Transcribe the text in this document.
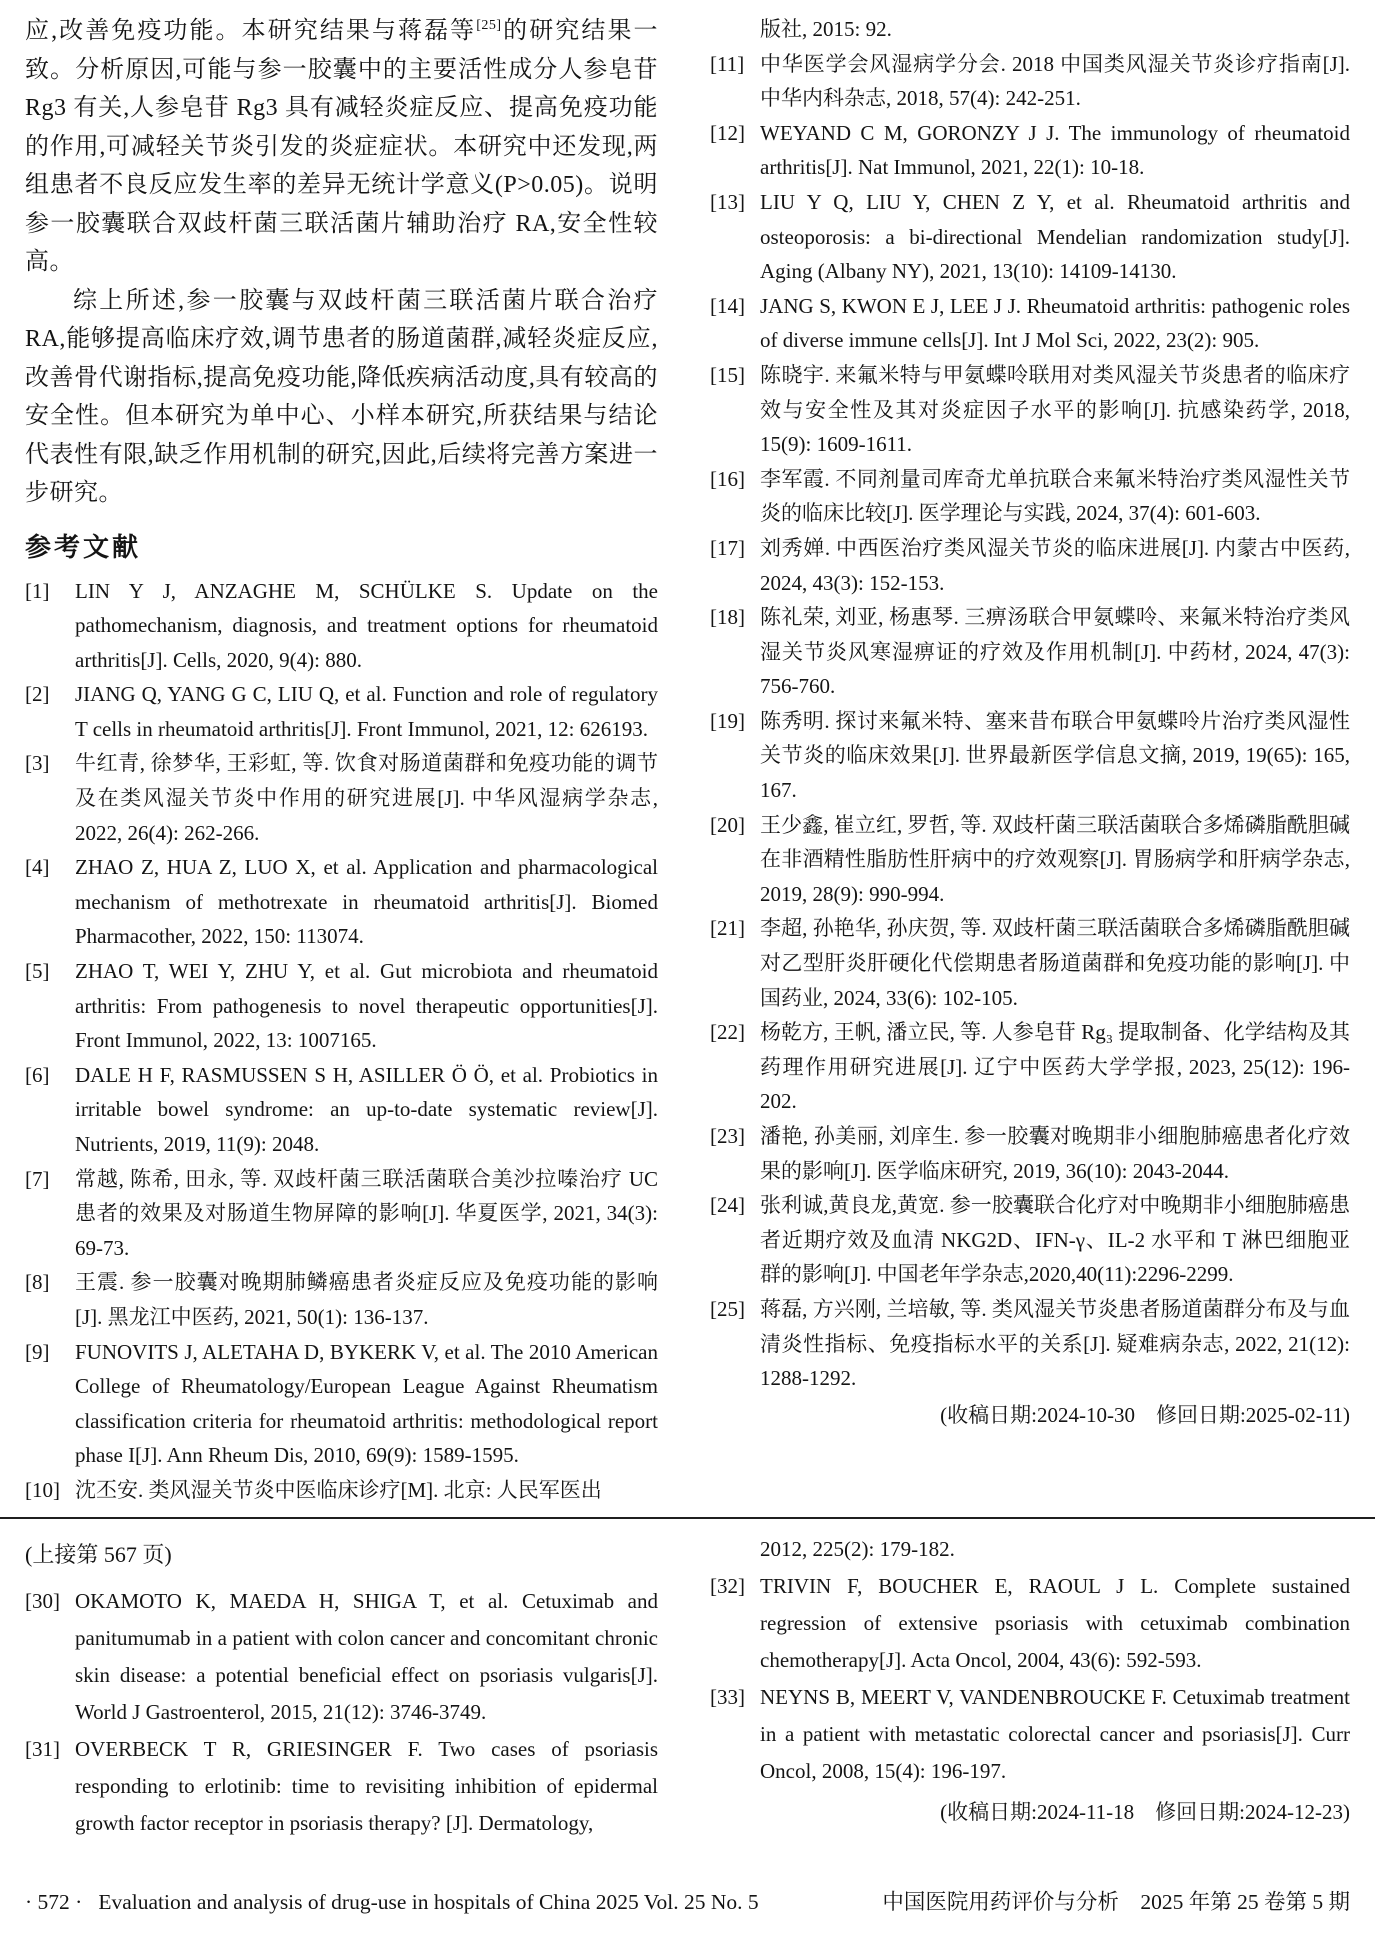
应,改善免疫功能。本研究结果与蒋磊等[25]的研究结果一致。分析原因,可能与参一胶囊中的主要活性成分人参皂苷 Rg3 有关,人参皂苷 Rg3 具有减轻炎症反应、提高免疫功能的作用,可减轻关节炎引发的炎症症状。本研究中还发现,两组患者不良反应发生率的差异无统计学意义(P>0.05)。说明参一胶囊联合双歧杆菌三联活菌片辅助治疗 RA,安全性较高。

综上所述,参一胶囊与双歧杆菌三联活菌片联合治疗 RA,能够提高临床疗效,调节患者的肠道菌群,减轻炎症反应,改善骨代谢指标,提高免疫功能,降低疾病活动度,具有较高的安全性。但本研究为单中心、小样本研究,所获结果与结论代表性有限,缺乏作用机制的研究,因此,后续将完善方案进一步研究。

参考文献
[1] LIN Y J, ANZAGHE M, SCHÜLKE S. Update on the pathomechanism, diagnosis, and treatment options for rheumatoid arthritis[J]. Cells, 2020, 9(4): 880.
[2] JIANG Q, YANG G C, LIU Q, et al. Function and role of regulatory T cells in rheumatoid arthritis[J]. Front Immunol, 2021, 12: 626193.
[3] 牛红青, 徐梦华, 王彩虹, 等. 饮食对肠道菌群和免疫功能的调节及在类风湿关节炎中作用的研究进展[J]. 中华风湿病学杂志, 2022, 26(4): 262-266.
[4] ZHAO Z, HUA Z, LUO X, et al. Application and pharmacological mechanism of methotrexate in rheumatoid arthritis[J]. Biomed Pharmacother, 2022, 150: 113074.
[5] ZHAO T, WEI Y, ZHU Y, et al. Gut microbiota and rheumatoid arthritis: From pathogenesis to novel therapeutic opportunities[J]. Front Immunol, 2022, 13: 1007165.
[6] DALE H F, RASMUSSEN S H, ASILLER Ö Ö, et al. Probiotics in irritable bowel syndrome: an up-to-date systematic review[J]. Nutrients, 2019, 11(9): 2048.
[7] 常越, 陈希, 田永, 等. 双歧杆菌三联活菌联合美沙拉嗪治疗 UC 患者的效果及对肠道生物屏障的影响[J]. 华夏医学, 2021, 34(3): 69-73.
[8] 王震. 参一胶囊对晚期肺鳞癌患者炎症反应及免疫功能的影响[J]. 黑龙江中医药, 2021, 50(1): 136-137.
[9] FUNOVITS J, ALETAHA D, BYKERK V, et al. The 2010 American College of Rheumatology/European League Against Rheumatism classification criteria for rheumatoid arthritis: methodological report phase I[J]. Ann Rheum Dis, 2010, 69(9): 1589-1595.
[10] 沈丕安. 类风湿关节炎中医临床诊疗[M]. 北京: 人民军医出
版社, 2015: 92.
[11] 中华医学会风湿病学分会. 2018 中国类风湿关节炎诊疗指南[J]. 中华内科杂志, 2018, 57(4): 242-251.
[12] WEYAND C M, GORONZY J J. The immunology of rheumatoid arthritis[J]. Nat Immunol, 2021, 22(1): 10-18.
[13] LIU Y Q, LIU Y, CHEN Z Y, et al. Rheumatoid arthritis and osteoporosis: a bi-directional Mendelian randomization study[J]. Aging (Albany NY), 2021, 13(10): 14109-14130.
[14] JANG S, KWON E J, LEE J J. Rheumatoid arthritis: pathogenic roles of diverse immune cells[J]. Int J Mol Sci, 2022, 23(2): 905.
[15] 陈晓宇. 来氟米特与甲氨蝶呤联用对类风湿关节炎患者的临床疗效与安全性及其对炎症因子水平的影响[J]. 抗感染药学, 2018, 15(9): 1609-1611.
[16] 李军霞. 不同剂量司库奇尤单抗联合来氟米特治疗类风湿性关节炎的临床比较[J]. 医学理论与实践, 2024, 37(4): 601-603.
[17] 刘秀婵. 中西医治疗类风湿关节炎的临床进展[J]. 内蒙古中医药, 2024, 43(3): 152-153.
[18] 陈礼荣, 刘亚, 杨惠琴. 三痹汤联合甲氨蝶呤、来氟米特治疗类风湿关节炎风寒湿痹证的疗效及作用机制[J]. 中药材, 2024, 47(3): 756-760.
[19] 陈秀明. 探讨来氟米特、塞来昔布联合甲氨蝶呤片治疗类风湿性关节炎的临床效果[J]. 世界最新医学信息文摘, 2019, 19(65): 165, 167.
[20] 王少鑫, 崔立红, 罗哲, 等. 双歧杆菌三联活菌联合多烯磷脂酰胆碱在非酒精性脂肪性肝病中的疗效观察[J]. 胃肠病学和肝病学杂志, 2019, 28(9): 990-994.
[21] 李超, 孙艳华, 孙庆贺, 等. 双歧杆菌三联活菌联合多烯磷脂酰胆碱对乙型肝炎肝硬化代偿期患者肠道菌群和免疫功能的影响[J]. 中国药业, 2024, 33(6): 102-105.
[22] 杨乾方, 王帆, 潘立民, 等. 人参皂苷 Rg₃ 提取制备、化学结构及其药理作用研究进展[J]. 辽宁中医药大学学报, 2023, 25(12): 196-202.
[23] 潘艳, 孙美丽, 刘庠生. 参一胶囊对晚期非小细胞肺癌患者化疗效果的影响[J]. 医学临床研究, 2019, 36(10): 2043-2044.
[24] 张利诚,黄良龙,黄宽. 参一胶囊联合化疗对中晚期非小细胞肺癌患者近期疗效及血清 NKG2D、IFN-γ、IL-2 水平和 T 淋巴细胞亚群的影响[J]. 中国老年学杂志,2020,40(11):2296-2299.
[25] 蒋磊, 方兴刚, 兰培敏, 等. 类风湿关节炎患者肠道菌群分布及与血清炎性指标、免疫指标水平的关系[J]. 疑难病杂志, 2022, 21(12): 1288-1292.
(收稿日期:2024-10-30　修回日期:2025-02-11)
(上接第 567 页)
[30] OKAMOTO K, MAEDA H, SHIGA T, et al. Cetuximab and panitumumab in a patient with colon cancer and concomitant chronic skin disease: a potential beneficial effect on psoriasis vulgaris[J]. World J Gastroenterol, 2015, 21(12): 3746-3749.
[31] OVERBECK T R, GRIESINGER F. Two cases of psoriasis responding to erlotinib: time to revisiting inhibition of epidermal growth factor receptor in psoriasis therapy? [J]. Dermatology,
2012, 225(2): 179-182.
[32] TRIVIN F, BOUCHER E, RAOUL J L. Complete sustained regression of extensive psoriasis with cetuximab combination chemotherapy[J]. Acta Oncol, 2004, 43(6): 592-593.
[33] NEYNS B, MEERT V, VANDENBROUCKE F. Cetuximab treatment in a patient with metastatic colorectal cancer and psoriasis[J]. Curr Oncol, 2008, 15(4): 196-197.
(收稿日期:2024-11-18　修回日期:2024-12-23)
· 572 · Evaluation and analysis of drug-use in hospitals of China 2025 Vol. 25 No. 5	中国医院用药评价与分析　2025 年第 25 卷第 5 期
